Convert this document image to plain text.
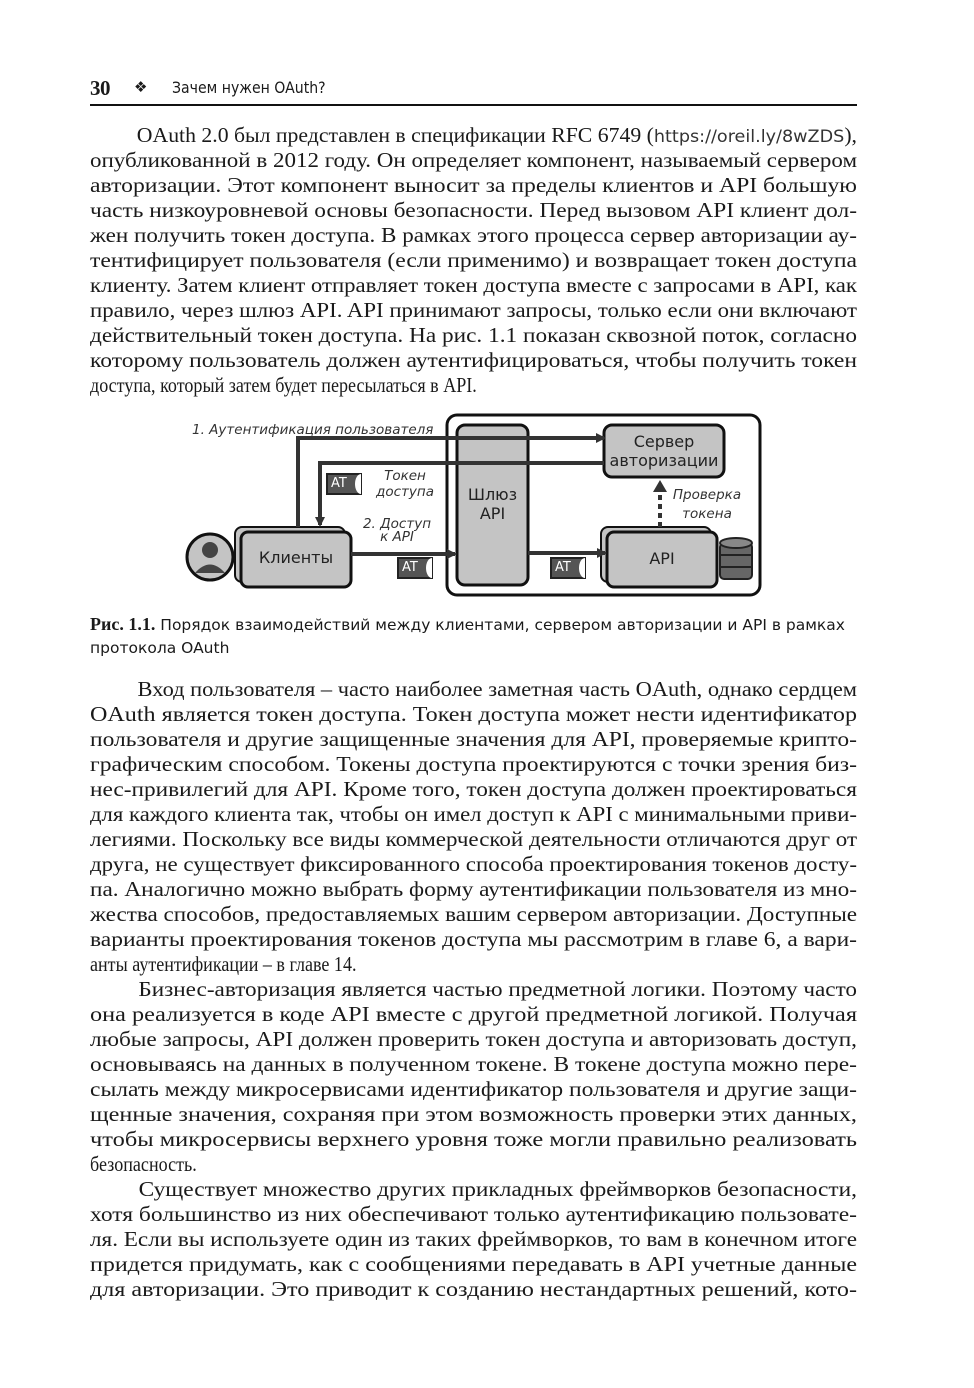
30 ❖ Зачем нужен OAuth?
OAuth 2.0 был представлен в спецификации RFC 6749 (https://oreil.ly/8wZDS),
опубликованной в 2012 году. Он определяет компонент, называемый сервером
авторизации. Этот компонент выносит за пределы клиентов и API большую
часть низкоуровневой основы безопасности. Перед вызовом API клиент дол-
жен получить токен доступа. В рамках этого процесса сервер авторизации ау-
тентифицирует пользователя (если применимо) и возвращает токен доступа
клиенту. Затем клиент отправляет токен доступа вместе с запросами в API, как
правило, через шлюз API. API принимают запросы, только если они включают
действительный токен доступа. На рис. 1.1 показан сквозной поток, согласно
которому пользователь должен аутентифицироваться, чтобы получить токен
доступа, который затем будет пересылаться в API.
1. Аутентификация пользователя
Токен
доступа
2. Доступ
к API
Клиенты
Шлюз
API
Сервер
авторизации
Проверка
токена
API
AT
AT	AT
Рис. 1.1. Порядок взаимодействий между клиентами, сервером авторизации и API в рамках протокола OAuth
Вход пользователя – часто наиболее заметная часть OAuth, однако сердцем
OAuth является токен доступа. Токен доступа может нести идентификатор
пользователя и другие защищенные значения для API, проверяемые крипто-
графическим способом. Токены доступа проектируются с точки зрения биз-
нес-привилегий для API. Кроме того, токен доступа должен проектироваться
для каждого клиента так, чтобы он имел доступ к API с минимальными приви-
легиями. Поскольку все виды коммерческой деятельности отличаются друг от
друга, не существует фиксированного способа проектирования токенов досту-
па. Аналогично можно выбрать форму аутентификации пользователя из мно-
жества способов, предоставляемых вашим сервером авторизации. Доступные
варианты проектирования токенов доступа мы рассмотрим в главе 6, а вари-
анты аутентификации – в главе 14.
Бизнес-авторизация является частью предметной логики. Поэтому часто
она реализуется в коде API вместе с другой предметной логикой. Получая
любые запросы, API должен проверить токен доступа и авторизовать доступ,
основываясь на данных в полученном токене. В токене доступа можно пере-
сылать между микросервисами идентификатор пользователя и другие защи-
щенные значения, сохраняя при этом возможность проверки этих данных,
чтобы микросервисы верхнего уровня тоже могли правильно реализовать
безопасность.
Существует множество других прикладных фреймворков безопасности,
хотя большинство из них обеспечивают только аутентификацию пользовате-
ля. Если вы используете один из таких фреймворков, то вам в конечном итоге
придется придумать, как с сообщениями передавать в API учетные данные
для авторизации. Это приводит к созданию нестандартных решений, кото-
